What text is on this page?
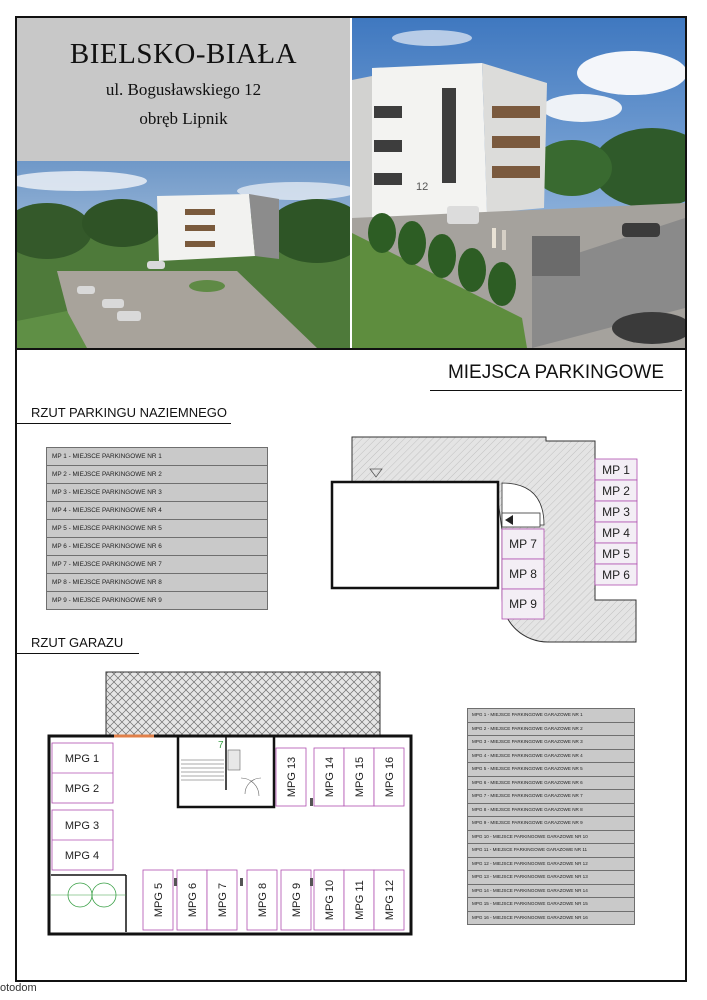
BIELSKO-BIAŁA
ul. Bogusławskiego 12
obręb Lipnik
12
MIEJSCA PARKINGOWE
RZUT PARKINGU NAZIEMNEGO
MP 1 - MIEJSCE PARKINGOWE NR 1
MP 2 - MIEJSCE PARKINGOWE NR 2
MP 3 - MIEJSCE PARKINGOWE NR 3
MP 4 - MIEJSCE PARKINGOWE NR 4
MP 5 - MIEJSCE PARKINGOWE NR 5
MP 6 - MIEJSCE PARKINGOWE NR 6
MP 7 - MIEJSCE PARKINGOWE NR 7
MP 8 - MIEJSCE PARKINGOWE NR 8
MP 9 - MIEJSCE PARKINGOWE NR 9
MP 1
MP 2
MP 3
MP 4
MP 5
MP 6
MP 7
MP 8
MP 9
RZUT GARAZU
7
MPG 1
MPG 2
MPG 3
MPG 4
MPG 13 MPG 14 MPG 15 MPG 16
MPG 5 MPG 6 MPG 7	MPG 8 MPG 9 MPG 10 MPG 11 MPG 12
MPG 1 - MIEJSCE PARKINGOWE GARAZOWE NR 1
MPG 2 - MIEJSCE PARKINGOWE GARAZOWE NR 2
MPG 3 - MIEJSCE PARKINGOWE GARAZOWE NR 3
MPG 4 - MIEJSCE PARKINGOWE GARAZOWE NR 4
MPG 5 - MIEJSCE PARKINGOWE GARAZOWE NR 5
MPG 6 - MIEJSCE PARKINGOWE GARAZOWE NR 6
MPG 7 - MIEJSCE PARKINGOWE GARAZOWE NR 7
MPG 8 - MIEJSCE PARKINGOWE GARAZOWE NR 8
MPG 9 - MIEJSCE PARKINGOWE GARAZOWE NR 9
MPG 10 - MIEJSCE PARKINGOWE GARAZOWE NR 10
MPG 11 - MIEJSCE PARKINGOWE GARAZOWE NR 11
MPG 12 - MIEJSCE PARKINGOWE GARAZOWE NR 12
MPG 13 - MIEJSCE PARKINGOWE GARAZOWE NR 13
MPG 14 - MIEJSCE PARKINGOWE GARAZOWE NR 14
MPG 15 - MIEJSCE PARKINGOWE GARAZOWE NR 15
MPG 16 - MIEJSCE PARKINGOWE GARAZOWE NR 16
otodom
